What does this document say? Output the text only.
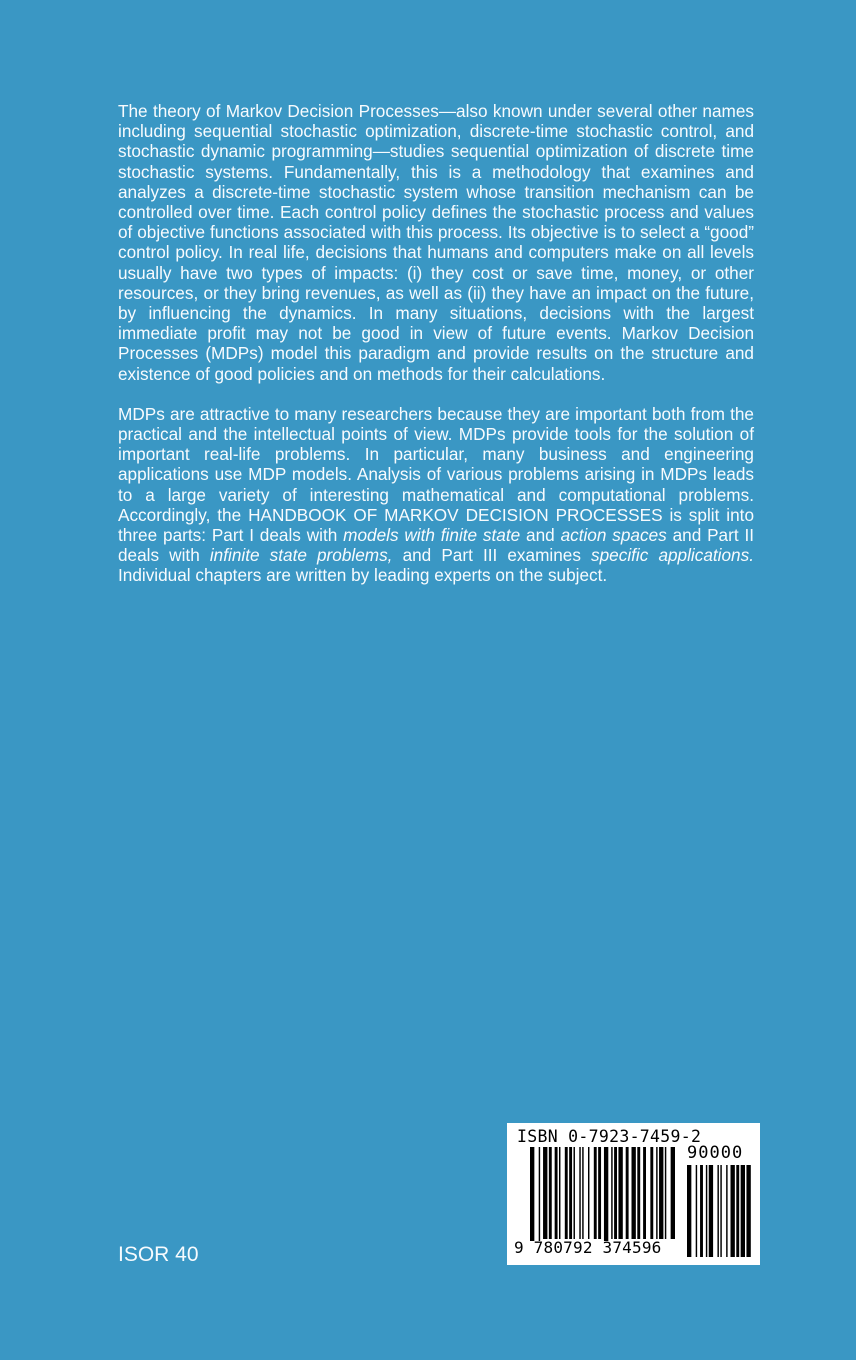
The theory of Markov Decision Processes—also known under several other names including sequential stochastic optimization, discrete-time stochastic control, and stochastic dynamic programming—studies sequential optimization of discrete time stochastic systems. Fundamentally, this is a methodology that examines and analyzes a discrete-time stochastic system whose transition mechanism can be controlled over time. Each control policy defines the stochastic process and values of objective functions associated with this process. Its objective is to select a “good” control policy. In real life, decisions that humans and computers make on all levels usually have two types of impacts: (i) they cost or save time, money, or other resources, or they bring revenues, as well as (ii) they have an impact on the future, by influencing the dynamics. In many situations, decisions with the largest immediate profit may not be good in view of future events. Markov Decision Processes (MDPs) model this paradigm and provide results on the structure and existence of good policies and on methods for their calculations.

MDPs are attractive to many researchers because they are important both from the practical and the intellectual points of view. MDPs provide tools for the solution of important real-life problems. In particular, many business and engineering applications use MDP models. Analysis of various problems arising in MDPs leads to a large variety of interesting mathematical and computational problems. Accordingly, the HANDBOOK OF MARKOV DECISION PROCESSES is split into three parts: Part I deals with models with finite state and action spaces and Part II deals with infinite state problems, and Part III examines specific applications. Individual chapters are written by leading experts on the subject.

ISOR 40
ISBN 0-7923-7459-2
90000
9 780792 374596
